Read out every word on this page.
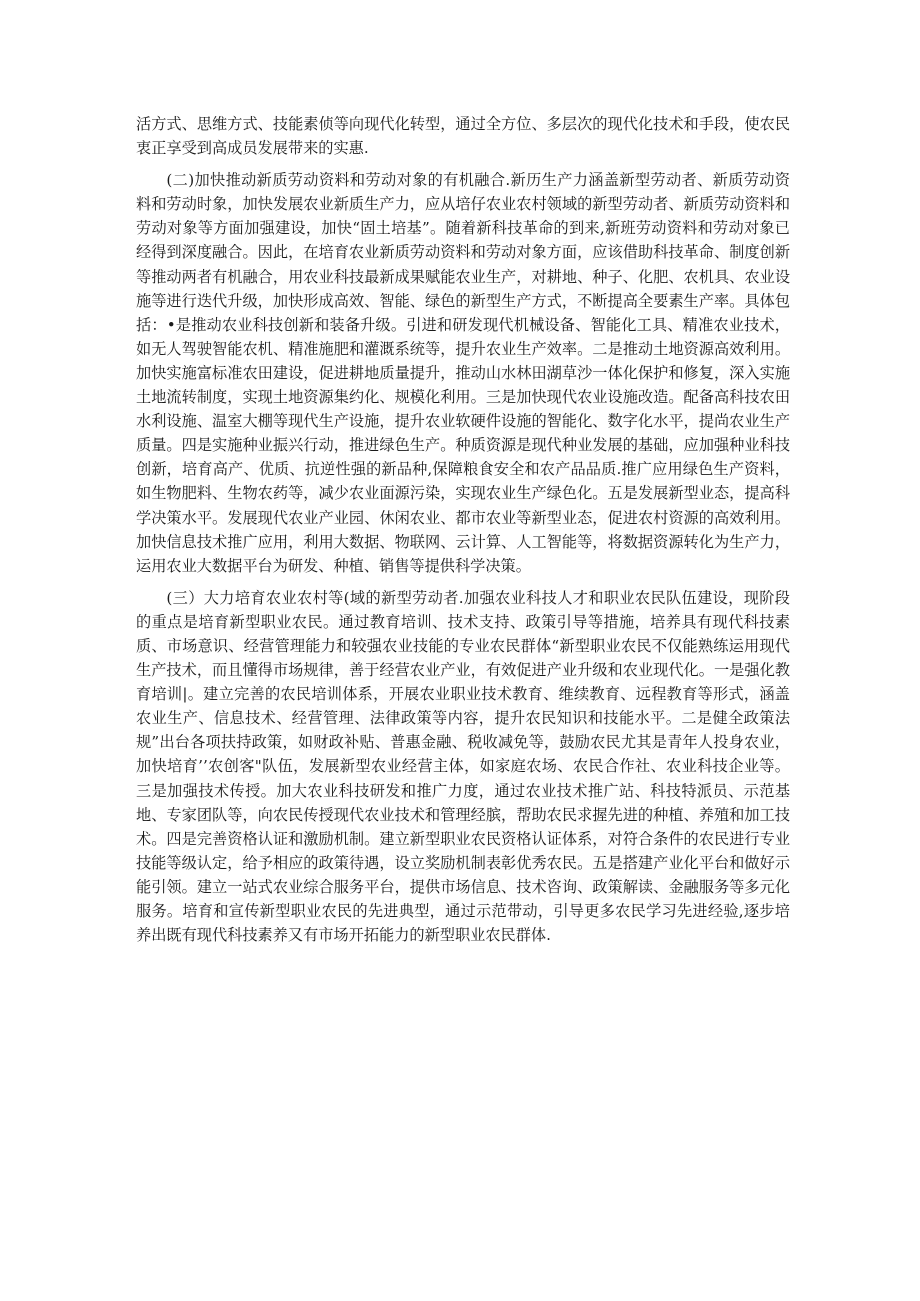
活方式、思维方式、技能素侦等向现代化转型，通过全方位、多层次的现代化技术和手段，使农民衷正享受到高成员发展带来的实惠.

(二)加快推动新质劳动资料和劳动对象的有机融合.新历生产力涵盖新型劳动者、新质劳动资料和劳动时象，加快发展农业新质生产力，应从培仔农业农村领域的新型劳动者、新质劳动资料和劳动对象等方面加强建设，加快“固土培基”。随着新科技革命的到来,新班劳动资料和劳动对象已经得到深度融合。因此，在培育农业新质劳动资料和劳动对象方面，应该借助科技革命、制度创新等推动两者有机融合，用农业科技最新成果赋能农业生产，对耕地、种子、化肥、农机具、农业设施等进行迭代升级，加快形成高效、智能、绿色的新型生产方式，不断提高全要素生产率。具体包括：•是推动农业科技创新和装备升级。引进和研发现代机械设备、智能化工具、精准农业技术，如无人驾驶智能农机、精准施肥和灌溉系统等，提升农业生产效率。二是推动土地资源高效利用。加快实施富标准农田建设，促进耕地质量提升，推动山水林田湖草沙一体化保护和修复，深入实施土地流转制度，实现土地资源集约化、规模化利用。三是加快现代农业设施改造。配备高科技农田水利设施、温室大棚等现代生产设施，提升农业软硬件设施的智能化、数字化水平，提尚农业生产质量。四是实施种业振兴行动，推进绿色生产。种质资源是现代种业发展的基础，应加强种业科技创新，培育高产、优质、抗逆性强的新品种,保障粮食安全和农产品品质.推广应用绿色生产资料，如生物肥料、生物农药等，减少农业面源污染，实现农业生产绿色化。五是发展新型业态，提高科学决策水平。发展现代农业产业园、休闲农业、都市农业等新型业态，促进农村资源的高效利用。加快信息技术推广应用，利用大数据、物联网、云计算、人工智能等，将数据资源转化为生产力，运用农业大数据平台为研发、种植、销售等提供科学决策。

(三）大力培育农业农村等(域的新型劳动者.加强农业科技人才和职业农民队伍建设，现阶段的重点是培育新型职业农民。通过教育培训、技术支持、政策引导等措施，培养具有现代科技素质、市场意识、经营管理能力和较强农业技能的专业农民群体“新型职业农民不仅能熟练运用现代生产技术，而且懂得市场规律，善于经营农业产业，有效促进产业升级和农业现代化。一是强化教育培训|。建立完善的农民培训体系，开展农业职业技术教育、维续教育、远程教育等形式，涵盖农业生产、信息技术、经营管理、法律政策等内容，提升农民知识和技能水平。二是健全政策法规”出台各项扶持政策，如财政补贴、普惠金融、税收减免等，鼓励农民尤其是青年人投身农业，加快培育’’农创客"队伍，发展新型农业经营主体，如家庭农场、农民合作社、农业科技企业等。三是加强技术传授。加大农业科技研发和推广力度，通过农业技术推广站、科技特派员、示范基地、专家团队等，向农民传授现代农业技术和管理经膑，帮助农民求握先进的种植、养殖和加工技术。四是完善资格认证和激励机制。建立新型职业农民资格认证体系，对符合条件的农民进行专业技能等级认定，给予相应的政策待遇，设立奖励机制表彰优秀农民。五是搭建产业化平台和做好示能引领。建立一站式农业综合服务平台，提供市场信息、技术咨询、政策解读、金融服务等多元化服务。培育和宣传新型职业农民的先进典型，通过示范带动，引导更多农民学习先进经验,逐步培养出既有现代科技素养又有市场开拓能力的新型职业农民群体.
